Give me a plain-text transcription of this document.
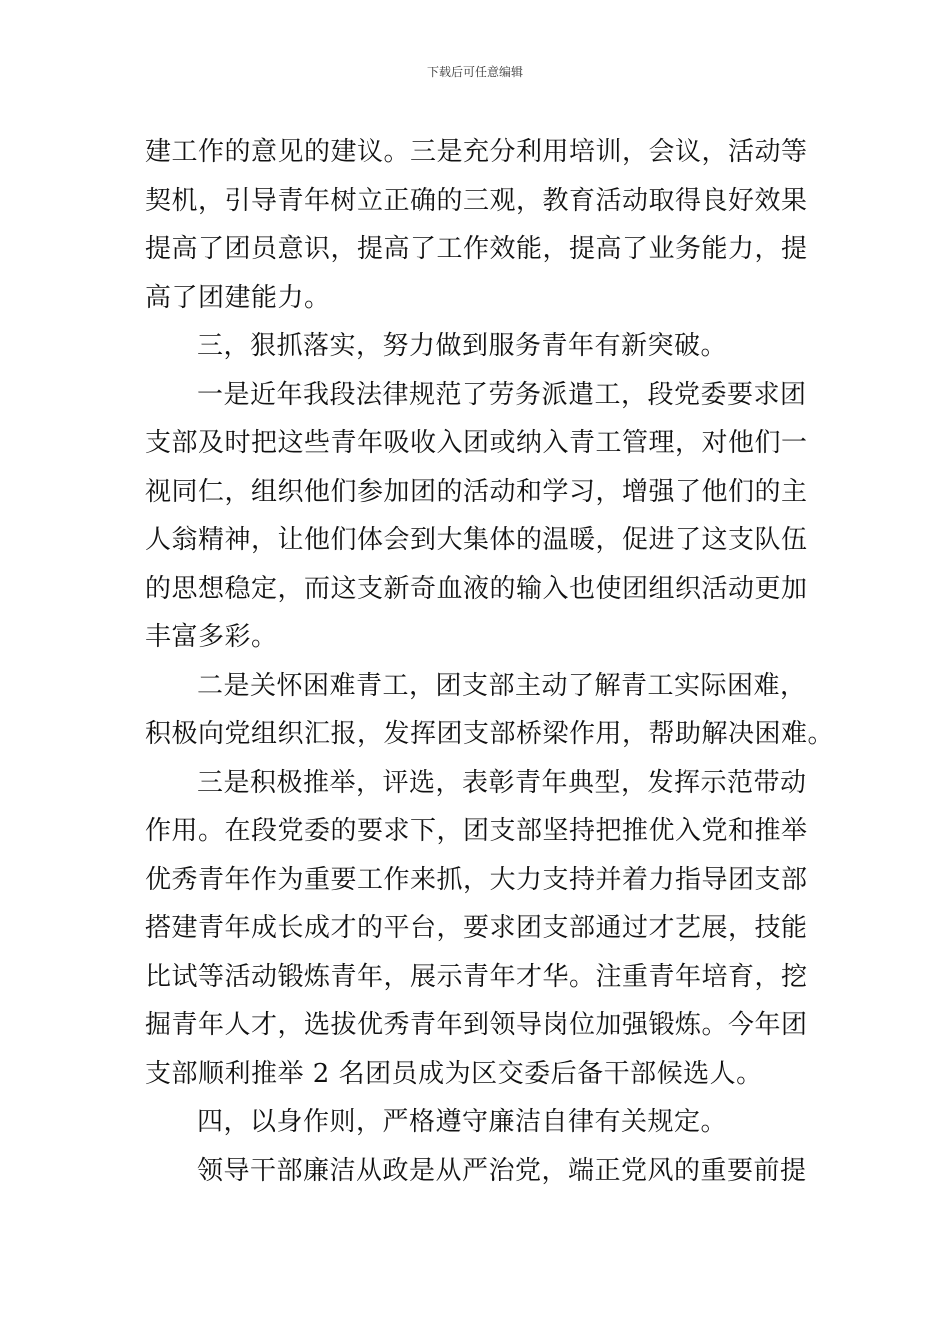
下载后可任意编辑
建工作的意见的建议。三是充分利用培训，会议，活动等
契机，引导青年树立正确的三观，教育活动取得良好效果
提高了团员意识，提高了工作效能，提高了业务能力，提
高了团建能力。
三，狠抓落实，努力做到服务青年有新突破。
一是近年我段法律规范了劳务派遣工，段党委要求团
支部及时把这些青年吸收入团或纳入青工管理，对他们一
视同仁，组织他们参加团的活动和学习，增强了他们的主
人翁精神，让他们体会到大集体的温暖，促进了这支队伍
的思想稳定，而这支新奇血液的输入也使团组织活动更加
丰富多彩。
二是关怀困难青工，团支部主动了解青工实际困难，
积极向党组织汇报，发挥团支部桥梁作用，帮助解决困难。
三是积极推举，评选，表彰青年典型，发挥示范带动
作用。在段党委的要求下，团支部坚持把推优入党和推举
优秀青年作为重要工作来抓，大力支持并着力指导团支部
搭建青年成长成才的平台，要求团支部通过才艺展，技能
比试等活动锻炼青年，展示青年才华。注重青年培育，挖
掘青年人才，选拔优秀青年到领导岗位加强锻炼。今年团
支部顺利推举 2 名团员成为区交委后备干部候选人。
四，以身作则，严格遵守廉洁自律有关规定。
领导干部廉洁从政是从严治党，端正党风的重要前提
